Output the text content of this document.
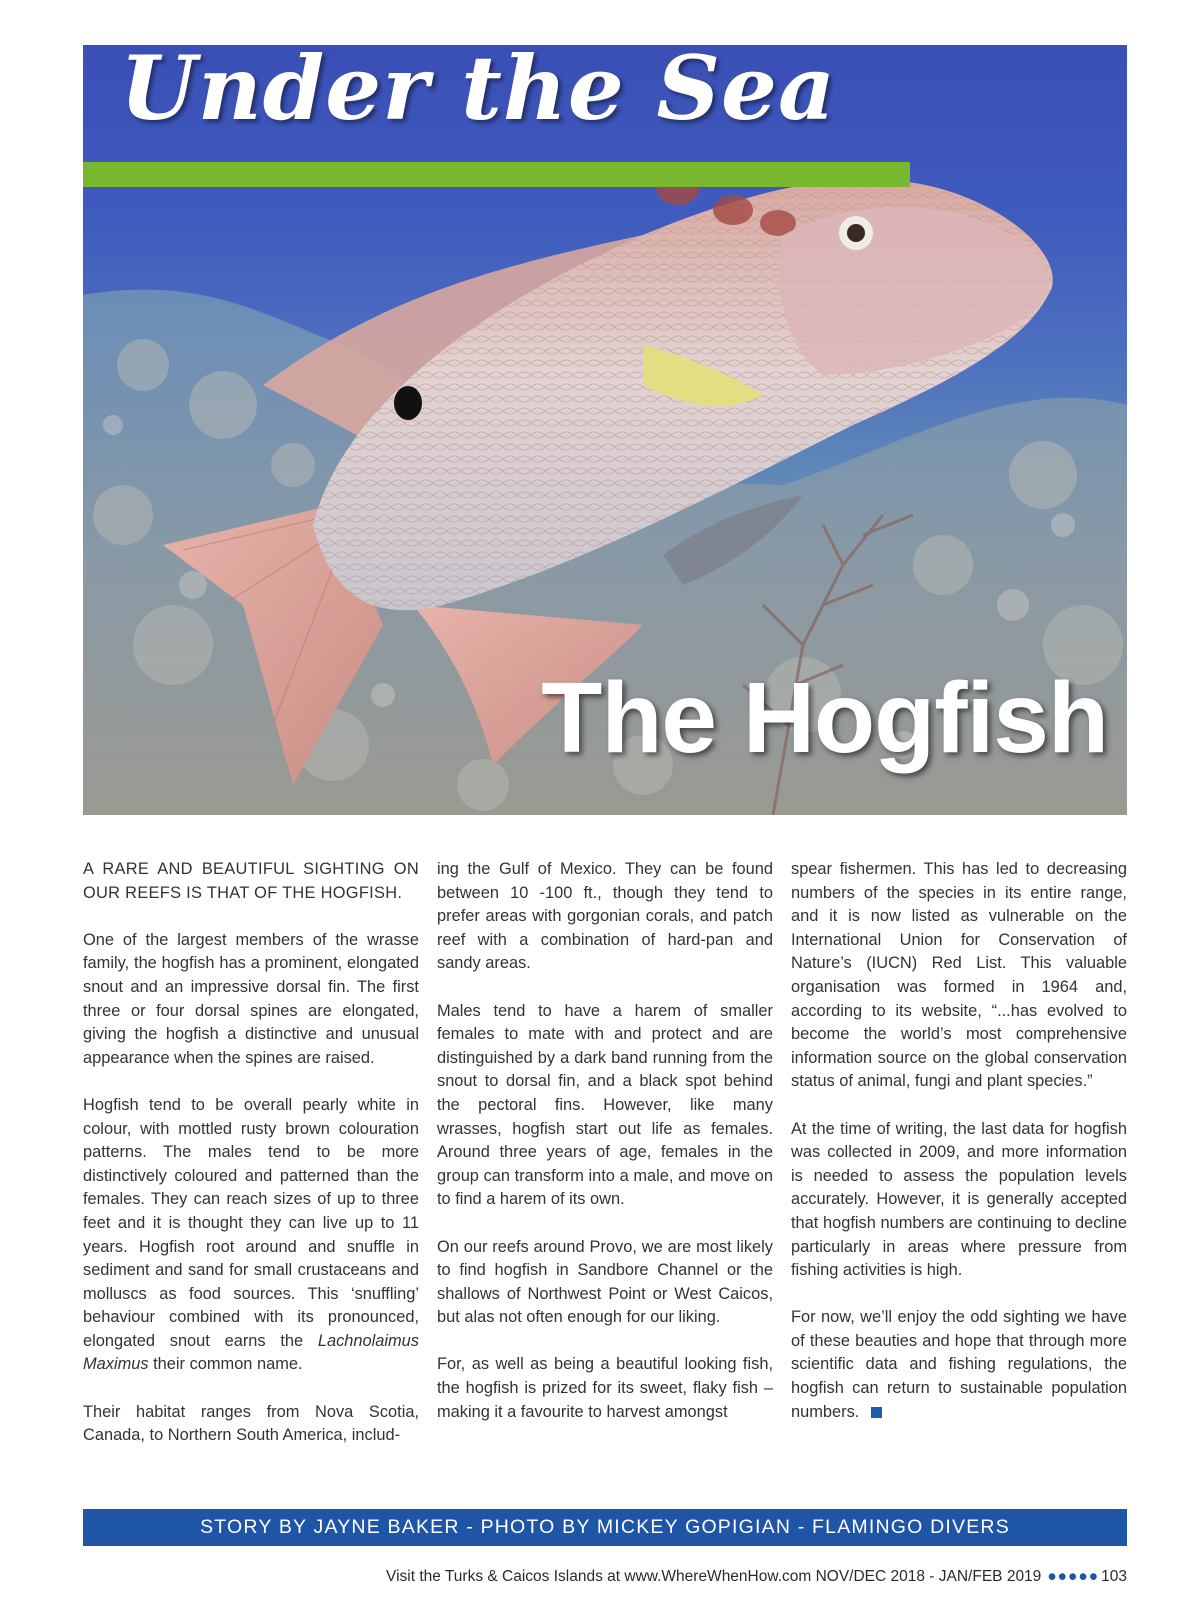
Under the Sea
The Hogfish

A RARE AND BEAUTIFUL SIGHTING ON OUR REEFS IS THAT OF THE HOGFISH.

One of the largest members of the wrasse family, the hogfish has a prominent, elongated snout and an impressive dorsal fin. The first three or four dorsal spines are elongated, giving the hogfish a distinctive and unusual appearance when the spines are raised.

Hogfish tend to be overall pearly white in colour, with mottled rusty brown colouration patterns. The males tend to be more distinctively coloured and patterned than the females. They can reach sizes of up to three feet and it is thought they can live up to 11 years. Hogfish root around and snuffle in sediment and sand for small crustaceans and molluscs as food sources. This ‘snuffling’ behaviour combined with its pronounced, elongated snout earns the Lachnolaimus Maximus their common name.

Their habitat ranges from Nova Scotia, Canada, to Northern South America, includ-

ing the Gulf of Mexico. They can be found between 10 -100 ft., though they tend to prefer areas with gorgonian corals, and patch reef with a combination of hard-pan and sandy areas.

Males tend to have a harem of smaller females to mate with and protect and are distinguished by a dark band running from the snout to dorsal fin, and a black spot behind the pectoral fins. However, like many wrasses, hogfish start out life as females. Around three years of age, females in the group can transform into a male, and move on to find a harem of its own.

On our reefs around Provo, we are most likely to find hogfish in Sandbore Channel or the shallows of Northwest Point or West Caicos, but alas not often enough for our liking.

For, as well as being a beautiful looking fish, the hogfish is prized for its sweet, flaky fish – making it a favourite to harvest amongst

spear fishermen. This has led to decreasing numbers of the species in its entire range, and it is now listed as vulnerable on the International Union for Conservation of Nature’s (IUCN) Red List. This valuable organisation was formed in 1964 and, according to its website, “...has evolved to become the world’s most comprehensive information source on the global conservation status of animal, fungi and plant species.”

At the time of writing, the last data for hogfish was collected in 2009, and more information is needed to assess the population levels accurately. However, it is generally accepted that hogfish numbers are continuing to decline particularly in areas where pressure from fishing activities is high.

For now, we’ll enjoy the odd sighting we have of these beauties and hope that through more scientific data and fishing regulations, the hogfish can return to sustainable population numbers.

STORY BY JAYNE BAKER - PHOTO BY MICKEY GOPIGIAN - FLAMINGO DIVERS
Visit the Turks & Caicos Islands at www.WhereWhenHow.com NOV/DEC 2018 - JAN/FEB 2019 ●●●●● 103
